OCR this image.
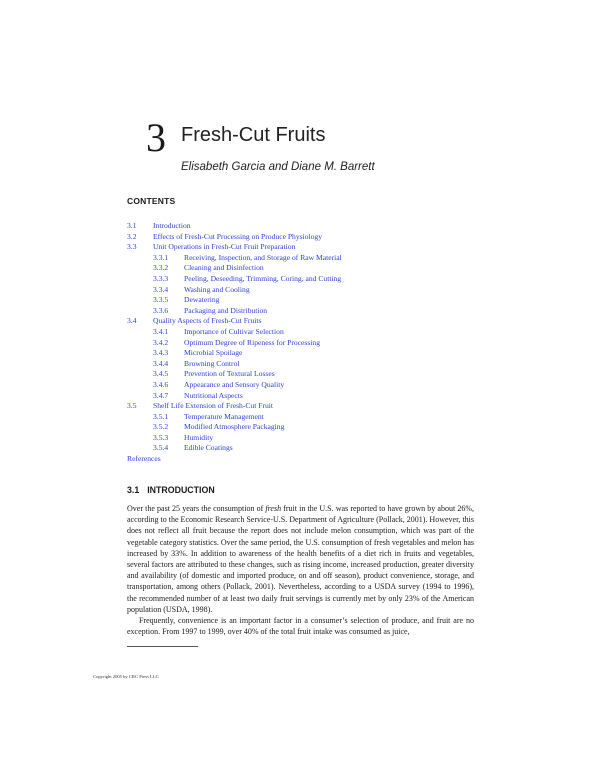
3 Fresh-Cut Fruits
Elisabeth Garcia and Diane M. Barrett
CONTENTS
3.1 Introduction
3.2 Effects of Fresh-Cut Processing on Produce Physiology
3.3 Unit Operations in Fresh-Cut Fruit Preparation
3.3.1 Receiving, Inspection, and Storage of Raw Material
3.3.2 Cleaning and Disinfection
3.3.3 Peeling, Deseeding, Trimming, Coring, and Cutting
3.3.4 Washing and Cooling
3.3.5 Dewatering
3.3.6 Packaging and Distribution
3.4 Quality Aspects of Fresh-Cut Fruits
3.4.1 Importance of Cultivar Selection
3.4.2 Optimum Degree of Ripeness for Processing
3.4.3 Microbial Spoilage
3.4.4 Browning Control
3.4.5 Prevention of Textural Losses
3.4.6 Appearance and Sensory Quality
3.4.7 Nutritional Aspects
3.5 Shelf Life Extension of Fresh-Cut Fruit
3.5.1 Temperature Management
3.5.2 Modified Atmosphere Packaging
3.5.3 Humidity
3.5.4 Edible Coatings
References
3.1 INTRODUCTION

Over the past 25 years the consumption of fresh fruit in the U.S. was reported to have grown by about 26%, according to the Economic Research Service-U.S. Department of Agriculture (Pollack, 2001). However, this does not reflect all fruit because the report does not include melon consumption, which was part of the vegetable category statistics. Over the same period, the U.S. consumption of fresh vegetables and melon has increased by 33%. In addition to awareness of the health benefits of a diet rich in fruits and vegetables, several factors are attributed to these changes, such as rising income, increased production, greater diversity and availability (of domestic and imported produce, on and off season), product convenience, storage, and transportation, among others (Pollack, 2001). Nevertheless, according to a USDA survey (1994 to 1996), the recommended number of at least two daily fruit servings is currently met by only 23% of the American population (USDA, 1998).

Frequently, convenience is an important factor in a consumer’s selection of produce, and fruit are no exception. From 1997 to 1999, over 40% of the total fruit intake was consumed as juice,

Copyright 2005 by CRC Press LLC
